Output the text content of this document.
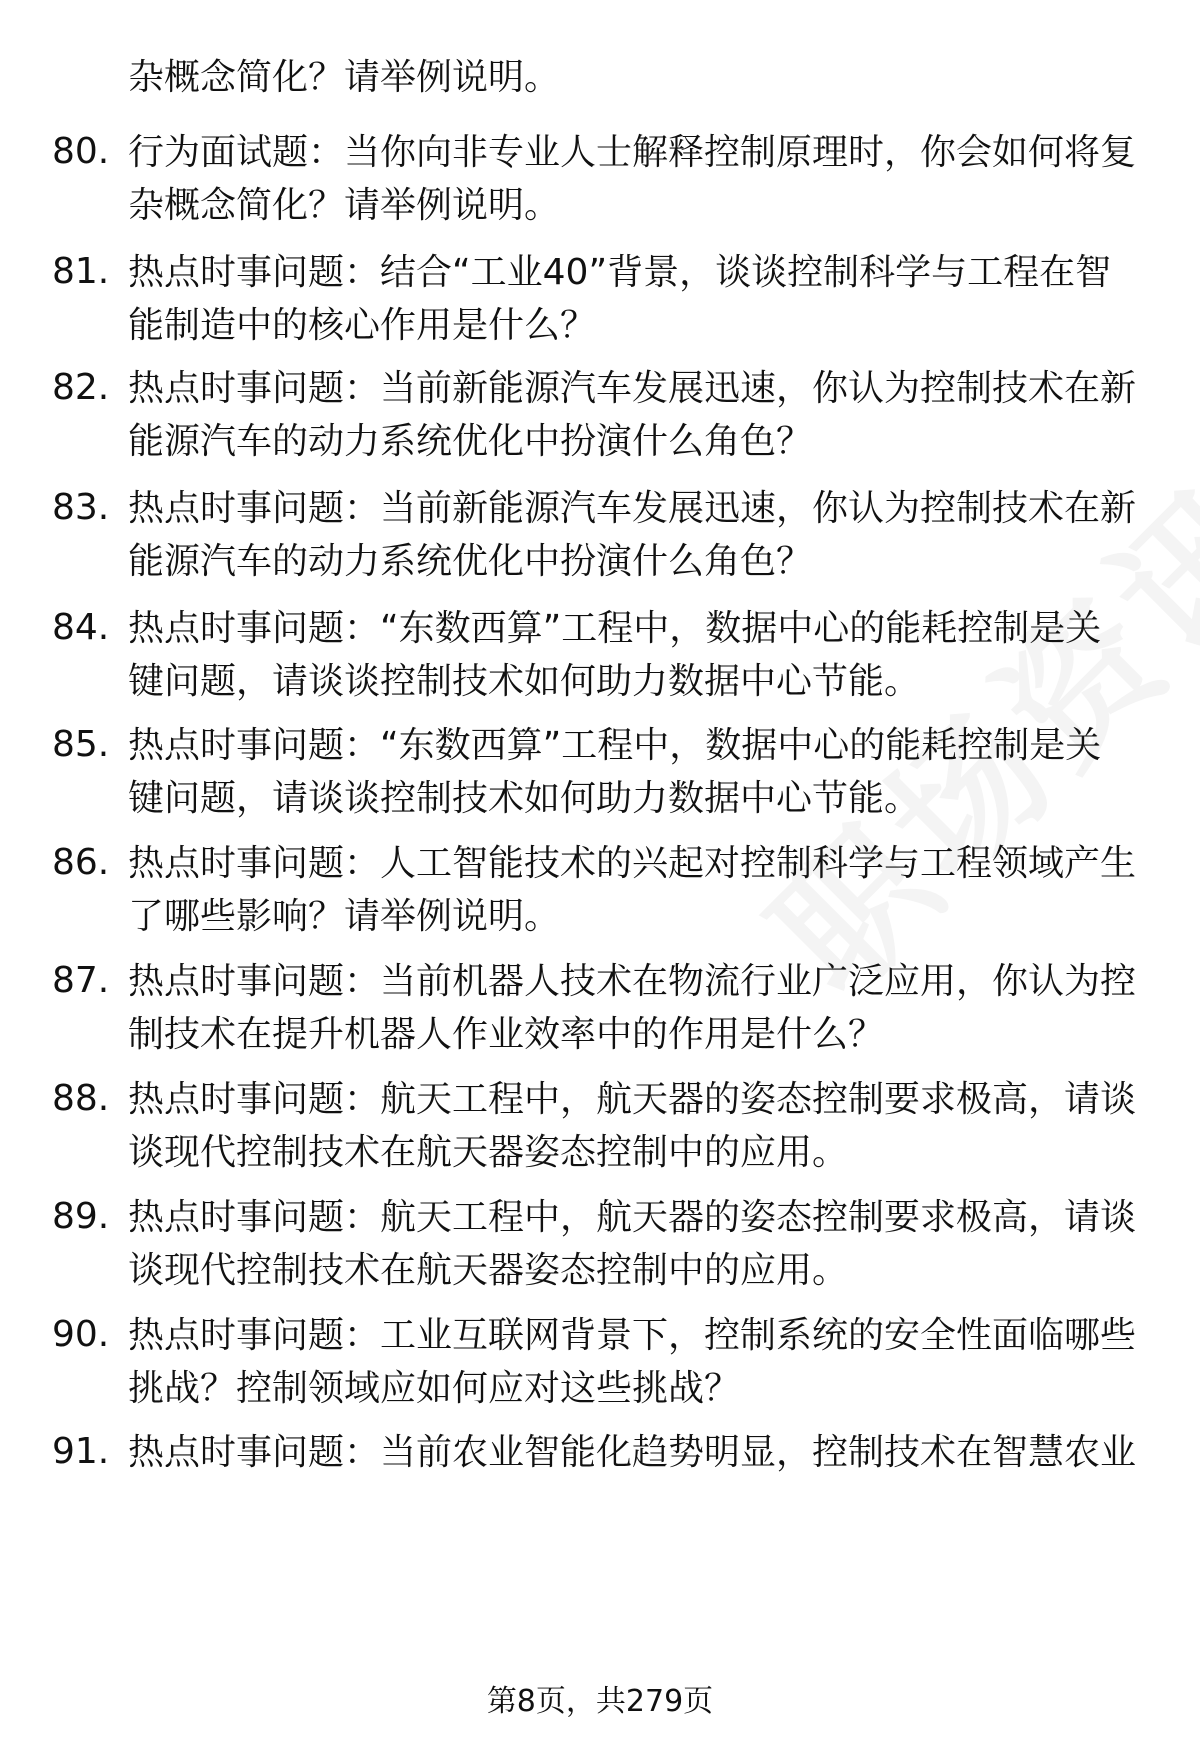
杂概念简化？请举例说明。
80. 行为面试题：当你向非专业人士解释控制原理时，你会如何将复
杂概念简化？请举例说明。
81. 热点时事问题：结合“工业40”背景，谈谈控制科学与工程在智
能制造中的核心作用是什么？
82. 热点时事问题：当前新能源汽车发展迅速，你认为控制技术在新
能源汽车的动力系统优化中扮演什么角色？
83. 热点时事问题：当前新能源汽车发展迅速，你认为控制技术在新
能源汽车的动力系统优化中扮演什么角色？
84. 热点时事问题：“东数西算”工程中，数据中心的能耗控制是关
键问题，请谈谈控制技术如何助力数据中心节能。
85. 热点时事问题：“东数西算”工程中，数据中心的能耗控制是关
键问题，请谈谈控制技术如何助力数据中心节能。
86. 热点时事问题：人工智能技术的兴起对控制科学与工程领域产生
了哪些影响？请举例说明。
87. 热点时事问题：当前机器人技术在物流行业广泛应用，你认为控
制技术在提升机器人作业效率中的作用是什么？
88. 热点时事问题：航天工程中，航天器的姿态控制要求极高，请谈
谈现代控制技术在航天器姿态控制中的应用。
89. 热点时事问题：航天工程中，航天器的姿态控制要求极高，请谈
谈现代控制技术在航天器姿态控制中的应用。
90. 热点时事问题：工业互联网背景下，控制系统的安全性面临哪些
挑战？控制领域应如何应对这些挑战？
91. 热点时事问题：当前农业智能化趋势明显，控制技术在智慧农业
第8页，共279页
